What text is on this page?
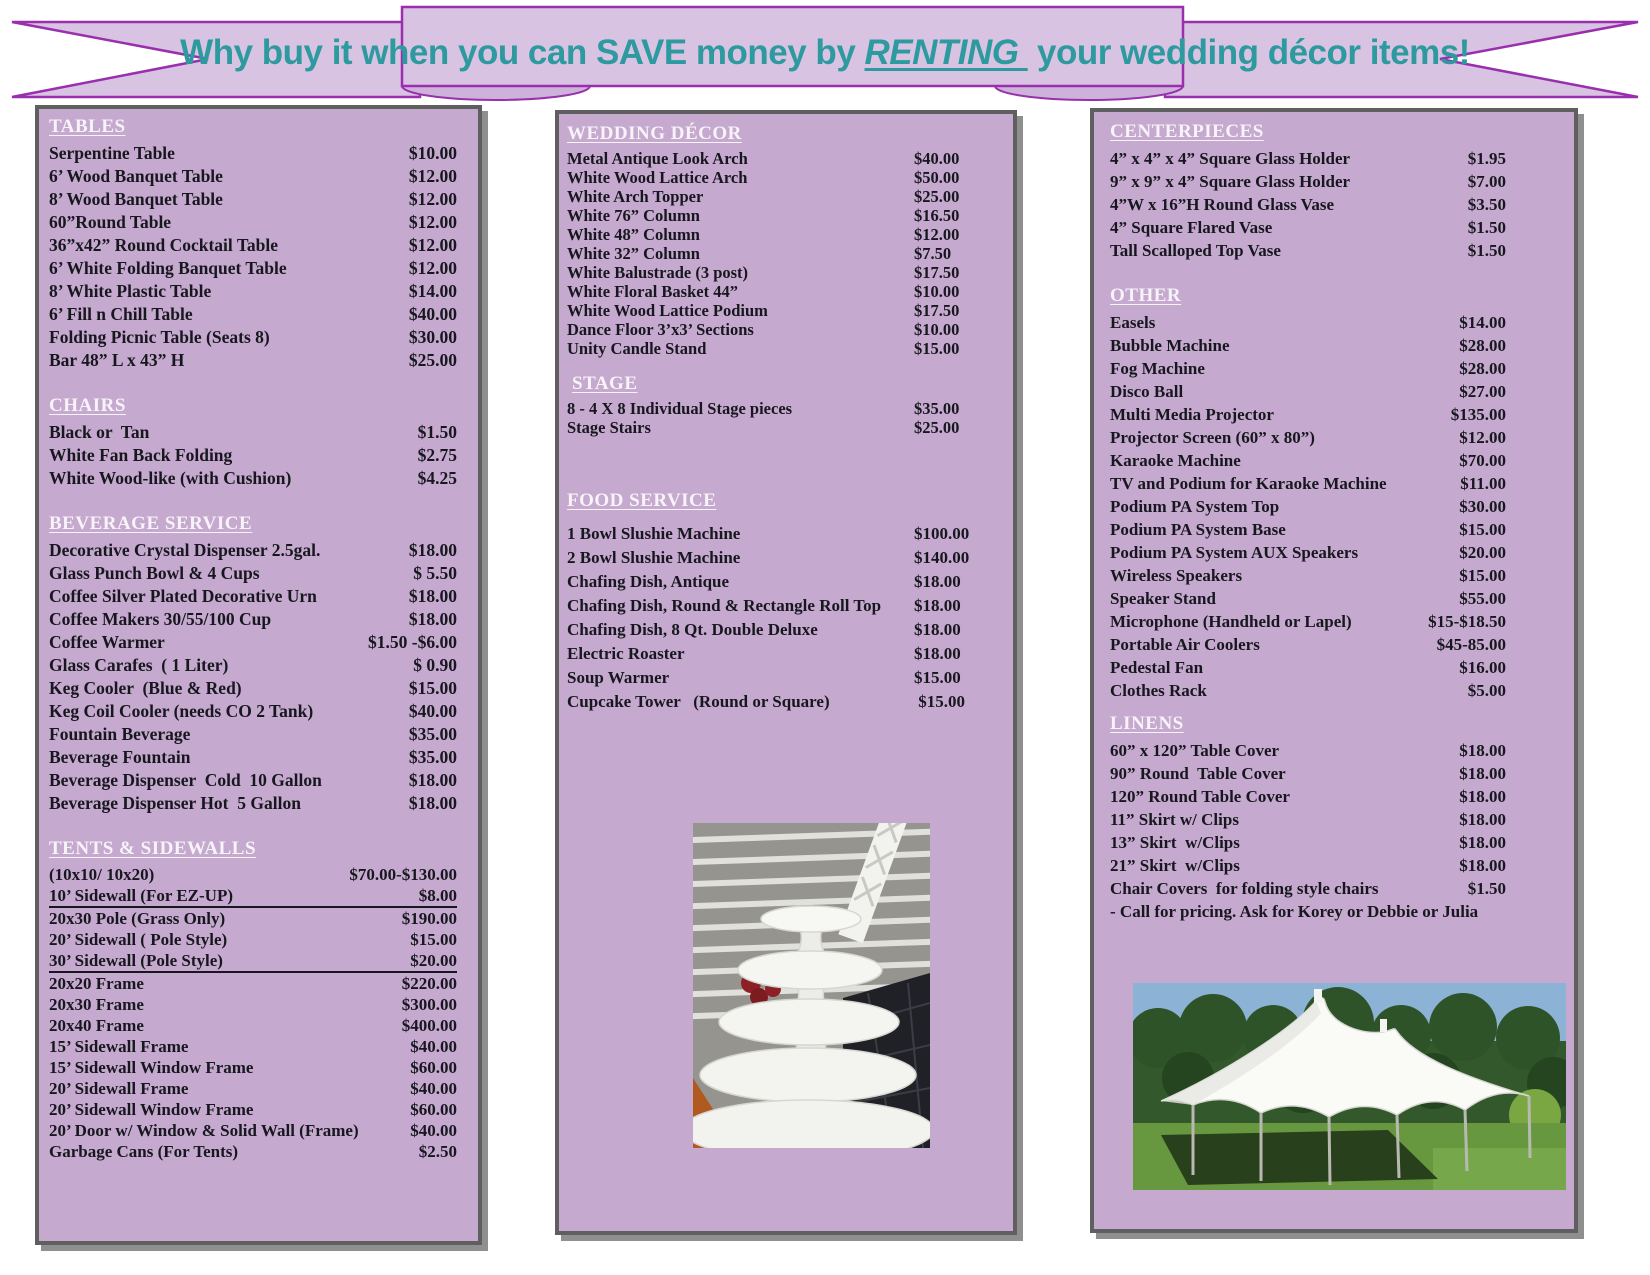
Why buy it when you can SAVE money by RENTING  your wedding décor items!
TABLES
Serpentine Table	$10.00
6’ Wood Banquet Table	$12.00
8’ Wood Banquet Table	$12.00
60”Round Table	$12.00
36”x42” Round Cocktail Table	$12.00
6’ White Folding Banquet Table	$12.00
8’ White Plastic Table	$14.00
6’ Fill n Chill Table	$40.00
Folding Picnic Table (Seats 8)	$30.00
Bar 48” L x 43” H	$25.00
CHAIRS
Black or  Tan	$1.50
White Fan Back Folding	$2.75
White Wood-like (with Cushion)	$4.25
BEVERAGE SERVICE
Decorative Crystal Dispenser 2.5gal.	$18.00
Glass Punch Bowl & 4 Cups	$ 5.50
Coffee Silver Plated Decorative Urn	$18.00
Coffee Makers 30/55/100 Cup	$18.00
Coffee Warmer	$1.50 -$6.00
Glass Carafes  ( 1 Liter)	$ 0.90
Keg Cooler  (Blue & Red)	$15.00
Keg Coil Cooler (needs CO 2 Tank)	$40.00
Fountain Beverage	$35.00
Beverage Fountain	$35.00
Beverage Dispenser  Cold  10 Gallon	$18.00
Beverage Dispenser Hot  5 Gallon	$18.00
TENTS & SIDEWALLS
(10x10/ 10x20)	$70.00-$130.00
10’ Sidewall (For EZ-UP)	$8.00
20x30 Pole (Grass Only)	$190.00
20’ Sidewall ( Pole Style)	$15.00
30’ Sidewall (Pole Style)	$20.00
20x20 Frame	$220.00
20x30 Frame	$300.00
20x40 Frame	$400.00
15’ Sidewall Frame	$40.00
15’ Sidewall Window Frame	$60.00
20’ Sidewall Frame	$40.00
20’ Sidewall Window Frame	$60.00
20’ Door w/ Window & Solid Wall (Frame)	$40.00
Garbage Cans (For Tents)	$2.50
WEDDING DÉCOR
Metal Antique Look Arch	$40.00
White Wood Lattice Arch	$50.00
White Arch Topper	$25.00
White 76” Column	$16.50
White 48” Column	$12.00
White 32” Column	$7.50
White Balustrade (3 post)	$17.50
White Floral Basket 44”	$10.00
White Wood Lattice Podium	$17.50
Dance Floor 3’x3’ Sections	$10.00
Unity Candle Stand	$15.00
STAGE
8 - 4 X 8 Individual Stage pieces	$35.00
Stage Stairs	$25.00
FOOD SERVICE
1 Bowl Slushie Machine	$100.00
2 Bowl Slushie Machine	$140.00
Chafing Dish, Antique	$18.00
Chafing Dish, Round & Rectangle Roll Top	$18.00
Chafing Dish, 8 Qt. Double Deluxe	$18.00
Electric Roaster	$18.00
Soup Warmer	$15.00
Cupcake Tower   (Round or Square)	$15.00
CENTERPIECES
4” x 4” x 4” Square Glass Holder	$1.95
9” x 9” x 4” Square Glass Holder	$7.00
4”W x 16”H Round Glass Vase	$3.50
4” Square Flared Vase	$1.50
Tall Scalloped Top Vase	$1.50
OTHER
Easels	$14.00
Bubble Machine	$28.00
Fog Machine	$28.00
Disco Ball	$27.00
Multi Media Projector	$135.00
Projector Screen (60” x 80”)	$12.00
Karaoke Machine	$70.00
TV and Podium for Karaoke Machine	$11.00
Podium PA System Top	$30.00
Podium PA System Base	$15.00
Podium PA System AUX Speakers	$20.00
Wireless Speakers	$15.00
Speaker Stand	$55.00
Microphone (Handheld or Lapel)	$15-$18.50
Portable Air Coolers	$45-85.00
Pedestal Fan	$16.00
Clothes Rack	$5.00
LINENS
60” x 120” Table Cover	$18.00
90” Round  Table Cover	$18.00
120” Round Table Cover	$18.00
11” Skirt w/ Clips	$18.00
13” Skirt  w/Clips	$18.00
21” Skirt  w/Clips	$18.00
Chair Covers  for folding style chairs	$1.50
- Call for pricing. Ask for Korey or Debbie or Julia
